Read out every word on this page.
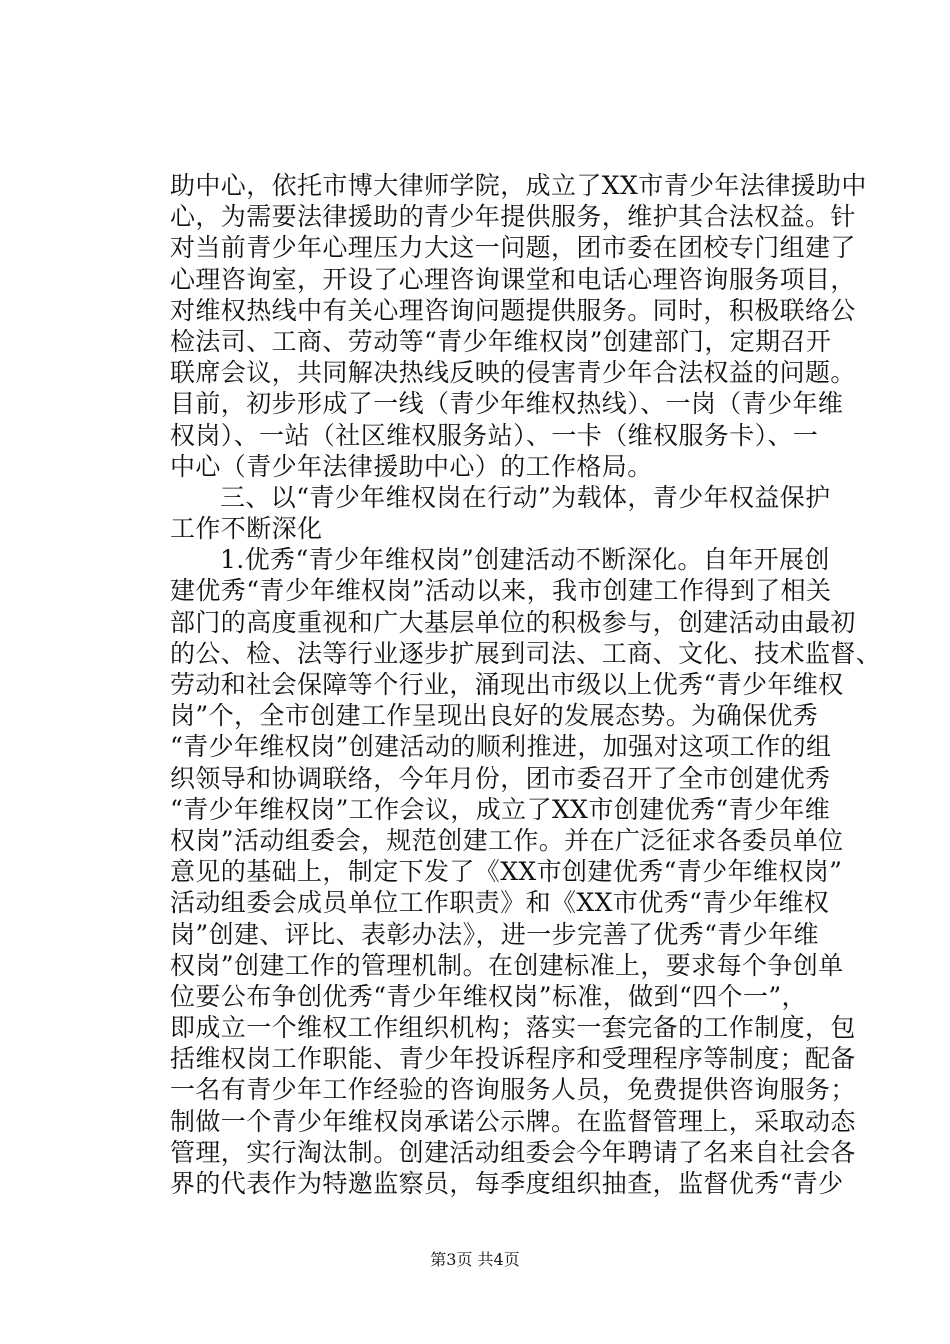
助中心，依托市博大律师学院，成立了XX市青少年法律援助中
心，为需要法律援助的青少年提供服务，维护其合法权益。针
对当前青少年心理压力大这一问题，团市委在团校专门组建了
心理咨询室，开设了心理咨询课堂和电话心理咨询服务项目，
对维权热线中有关心理咨询问题提供服务。同时，积极联络公
检法司、工商、劳动等“青少年维权岗”创建部门，定期召开
联席会议，共同解决热线反映的侵害青少年合法权益的问题。
目前，初步形成了一线（青少年维权热线）、一岗（青少年维
权岗）、一站（社区维权服务站）、一卡（维权服务卡）、一
中心（青少年法律援助中心）的工作格局。
三、以“青少年维权岗在行动”为载体，青少年权益保护
工作不断深化
1.优秀“青少年维权岗”创建活动不断深化。自年开展创
建优秀“青少年维权岗”活动以来，我市创建工作得到了相关
部门的高度重视和广大基层单位的积极参与，创建活动由最初
的公、检、法等行业逐步扩展到司法、工商、文化、技术监督、
劳动和社会保障等个行业，涌现出市级以上优秀“青少年维权
岗”个，全市创建工作呈现出良好的发展态势。为确保优秀
“青少年维权岗”创建活动的顺利推进，加强对这项工作的组
织领导和协调联络，今年月份，团市委召开了全市创建优秀
“青少年维权岗”工作会议，成立了XX市创建优秀“青少年维
权岗”活动组委会，规范创建工作。并在广泛征求各委员单位
意见的基础上，制定下发了《XX市创建优秀“青少年维权岗”
活动组委会成员单位工作职责》和《XX市优秀“青少年维权
岗”创建、评比、表彰办法》，进一步完善了优秀“青少年维
权岗”创建工作的管理机制。在创建标准上，要求每个争创单
位要公布争创优秀“青少年维权岗”标准，做到“四个一”，
即成立一个维权工作组织机构；落实一套完备的工作制度，包
括维权岗工作职能、青少年投诉程序和受理程序等制度；配备
一名有青少年工作经验的咨询服务人员，免费提供咨询服务；
制做一个青少年维权岗承诺公示牌。在监督管理上，采取动态
管理，实行淘汰制。创建活动组委会今年聘请了名来自社会各
界的代表作为特邀监察员，每季度组织抽查，监督优秀“青少
第3页 共4页
